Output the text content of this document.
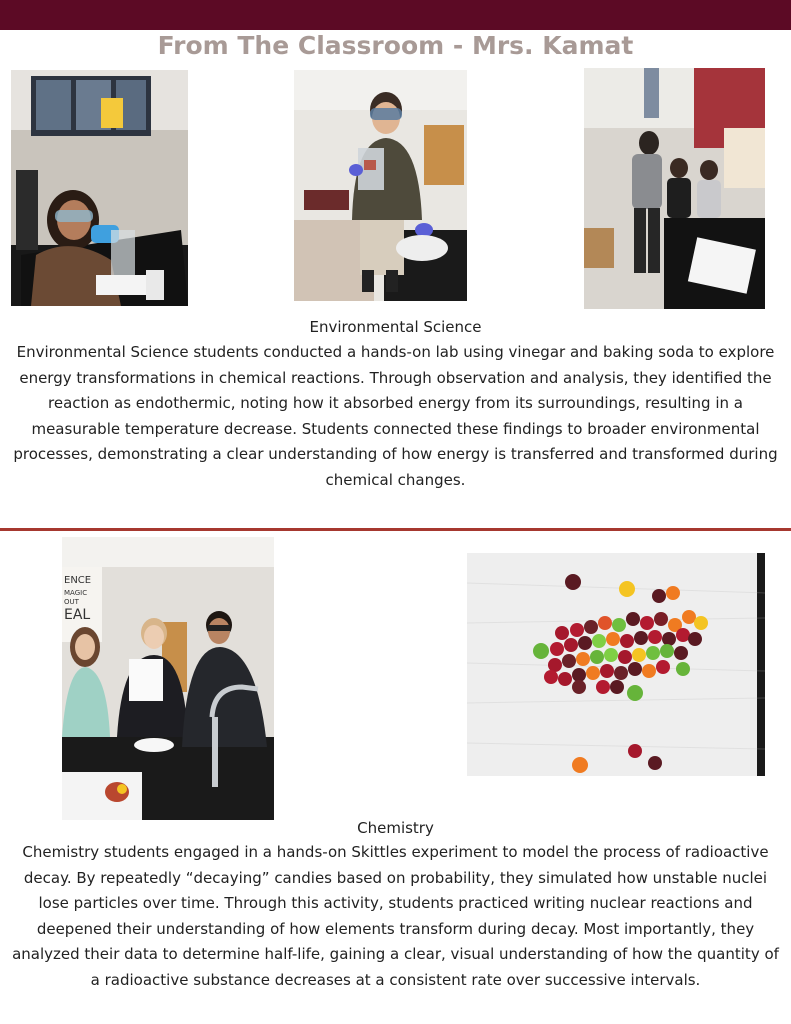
From The Classroom - Mrs. Kamat
Environmental Science
Environmental Science students conducted a hands-on lab using vinegar and baking soda to explore energy transformations in chemical reactions. Through observation and analysis, they identified the reaction as endothermic, noting how it absorbed energy from its surroundings, resulting in a measurable temperature decrease. Students connected these findings to broader environmental processes, demonstrating a clear understanding of how energy is transferred and transformed during chemical changes.
ENCE
MAGIC
OUT
EAL
Chemistry
Chemistry students engaged in a hands-on Skittles experiment to model the process of radioactive decay. By repeatedly “decaying” candies based on probability, they simulated how unstable nuclei lose particles over time. Through this activity, students practiced writing nuclear reactions and deepened their understanding of how elements transform during decay. Most importantly, they analyzed their data to determine half-life, gaining a clear, visual understanding of how the quantity of a radioactive substance decreases at a consistent rate over successive intervals.
